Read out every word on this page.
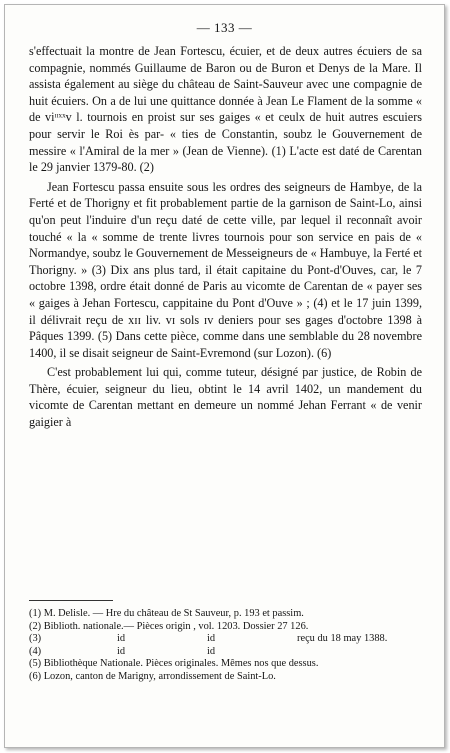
— 133 —

s'effectuait la montre de Jean Fortescu, écuier, et de deux autres écuiers de sa compagnie, nommés Guillaume de Baron ou de Buron et Denys de la Mare. Il assista également au siège du château de Saint-Sauveur avec une compagnie de huit écuiers. On a de lui une quittance donnée à Jean Le Flament de la somme « de viᶦᶦˣˣv l. tournois en proist sur ses gaiges « et ceulx de huit autres escuiers pour servir le Roi ès par- « ties de Constantin, soubz le Gouvernement de messire « l'Amiral de la mer » (Jean de Vienne). (1) L'acte est daté de Carentan le 29 janvier 1379-80. (2)

Jean Fortescu passa ensuite sous les ordres des seigneurs de Hambye, de la Ferté et de Thorigny et fit probablement partie de la garnison de Saint-Lo, ainsi qu'on peut l'induire d'un reçu daté de cette ville, par lequel il reconnaît avoir touché « la « somme de trente livres tournois pour son service en pais de « Normandye, soubz le Gouvernement de Messeigneurs de « Hambuye, la Ferté et Thorigny. » (3) Dix ans plus tard, il était capitaine du Pont-d'Ouves, car, le 7 octobre 1398, ordre était donné de Paris au vicomte de Carentan de « payer ses « gaiges à Jehan Fortescu, cappitaine du Pont d'Ouve » ; (4) et le 17 juin 1399, il délivrait reçu de xɪɪ liv. vɪ sols ɪv deniers pour ses gages d'octobre 1398 à Pâques 1399. (5) Dans cette pièce, comme dans une semblable du 28 novembre 1400, il se disait seigneur de Saint-Evremond (sur Lozon). (6)

C'est probablement lui qui, comme tuteur, désigné par justice, de Robin de Thère, écuier, seigneur du lieu, obtint le 14 avril 1402, un mandement du vicomte de Carentan mettant en demeure un nommé Jehan Ferrant « de venir gaigier à

(1) M. Delisle. — Hre du château de St Sauveur, p. 193 et passim.

(2) Biblioth. nationale.— Pièces origin , vol. 1203. Dossier 27 126.

(3)	id	id	reçu du 18 may 1388.
(4)	id	id

(5) Bibliothèque Nationale. Pièces originales. Mêmes nos que dessus.

(6) Lozon, canton de Marigny, arrondissement de Saint-Lo.
